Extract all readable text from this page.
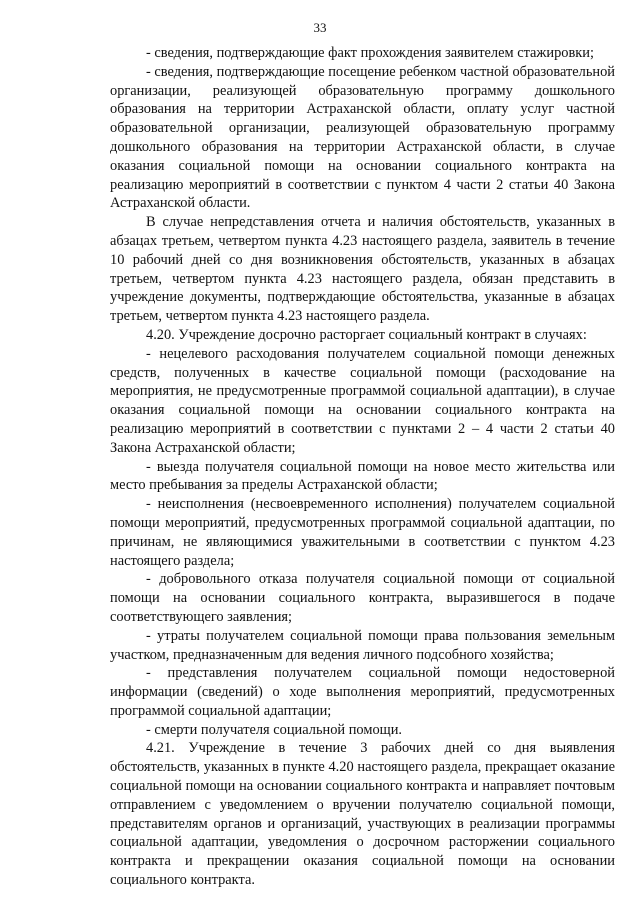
33

- сведения, подтверждающие факт прохождения заявителем стажировки;

- сведения, подтверждающие посещение ребенком частной образовательной организации, реализующей образовательную программу дошкольного образования на территории Астраханской области, оплату услуг частной образовательной организации, реализующей образовательную программу дошкольного образования на территории Астраханской области, в случае оказания социальной помощи на основании социального контракта на реализацию мероприятий в соответствии с пунктом 4 части 2 статьи 40 Закона Астраханской области.

В случае непредставления отчета и наличия обстоятельств, указанных в абзацах третьем, четвертом пункта 4.23 настоящего раздела, заявитель в течение 10 рабочий дней со дня возникновения обстоятельств, указанных в абзацах третьем, четвертом пункта 4.23 настоящего раздела, обязан представить в учреждение документы, подтверждающие обстоятельства, указанные в абзацах третьем, четвертом пункта 4.23 настоящего раздела.

4.20. Учреждение досрочно расторгает социальный контракт в случаях:

- нецелевого расходования получателем социальной помощи денежных средств, полученных в качестве социальной помощи (расходование на мероприятия, не предусмотренные программой социальной адаптации), в случае оказания социальной помощи на основании социального контракта на реализацию мероприятий в соответствии с пунктами 2 – 4 части 2 статьи 40 Закона Астраханской области;

- выезда получателя социальной помощи на новое место жительства или место пребывания за пределы Астраханской области;

- неисполнения (несвоевременного исполнения) получателем социальной помощи мероприятий, предусмотренных программой социальной адаптации, по причинам, не являющимися уважительными в соответствии с пунктом 4.23 настоящего раздела;

- добровольного отказа получателя социальной помощи от социальной помощи на основании социального контракта, выразившегося в подаче соответствующего заявления;

- утраты получателем социальной помощи права пользования земельным участком, предназначенным для ведения личного подсобного хозяйства;

- представления получателем социальной помощи недостоверной информации (сведений) о ходе выполнения мероприятий, предусмотренных программой социальной адаптации;

- смерти получателя социальной помощи.

4.21. Учреждение в течение 3 рабочих дней со дня выявления обстоятельств, указанных в пункте 4.20 настоящего раздела, прекращает оказание социальной помощи на основании социального контракта и направляет почтовым отправлением с уведомлением о вручении получателю социальной помощи, представителям органов и организаций, участвующих в реализации программы социальной адаптации, уведомления о досрочном расторжении социального контракта и прекращении оказания социальной помощи на основании социального контракта.
